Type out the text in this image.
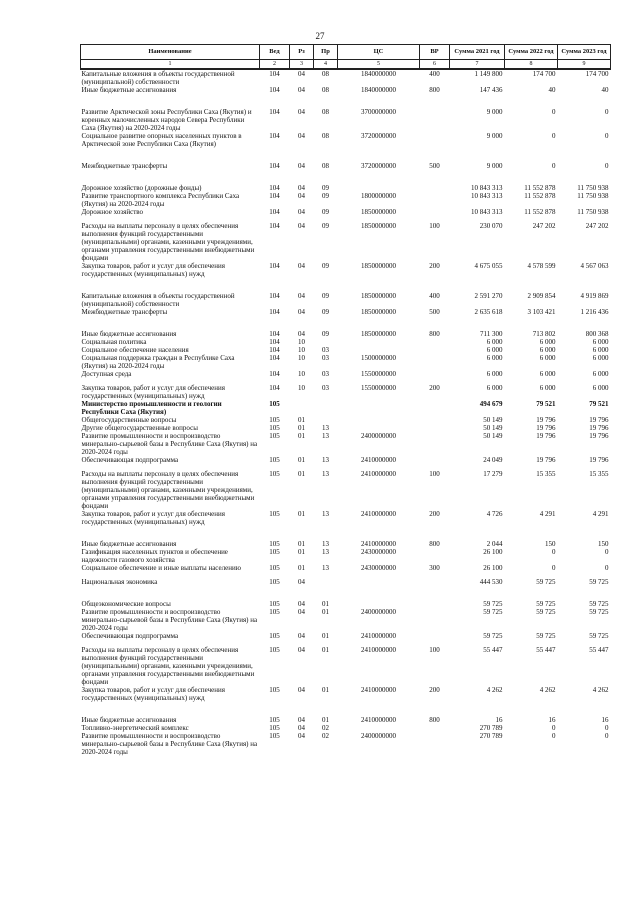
27
Наименование	Вед	Рз	Пр	ЦС	ВР	Сумма 2021 год	Сумма 2022 год	Сумма 2023 год
1	2	3	4	5	6	7	8	9
Капитальные вложения в объекты государственной (муниципальной) собственности	104	04	08	1840000000	400	1 149 800	174 700	174 700
Иные бюджетные ассигнования	104	04	08	1840000000	800	147 436	40	40
Развитие Арктической зоны Республики Саха (Якутия) и коренных малочисленных народов Севера Республики Саха (Якутия) на 2020-2024 годы	104	04	08	3700000000		9 000	0	0
Социальное развитие опорных населенных пунктов в Арктической зоне Республики Саха (Якутия)	104	04	08	3720000000		9 000	0	0
Межбюджетные трансферты	104	04	08	3720000000	500	9 000	0	0
Дорожное хозяйство (дорожные фонды)	104	04	09			10 843 313	11 552 878	11 750 938
Развитие транспортного комплекса Республики Саха (Якутия) на 2020-2024 годы	104	04	09	1800000000		10 843 313	11 552 878	11 750 938
Дорожное хозяйство	104	04	09	1850000000		10 843 313	11 552 878	11 750 938
Расходы на выплаты персоналу в целях обеспечения выполнения функций государственными (муниципальными) органами, казенными учреждениями, органами управления государственными внебюджетными фондами	104	04	09	1850000000	100	230 070	247 202	247 202
Закупка товаров, работ и услуг для обеспечения государственных (муниципальных) нужд	104	04	09	1850000000	200	4 675 055	4 578 599	4 567 063
Капитальные вложения в объекты государственной (муниципальной) собственности	104	04	09	1850000000	400	2 591 270	2 909 854	4 919 869
Межбюджетные трансферты	104	04	09	1850000000	500	2 635 618	3 103 421	1 216 436
Иные бюджетные ассигнования	104	04	09	1850000000	800	711 300	713 802	800 368
Социальная политика	104	10				6 000	6 000	6 000
Социальное обеспечение населения	104	10	03			6 000	6 000	6 000
Социальная поддержка граждан в Республике Саха (Якутия) на 2020-2024 годы	104	10	03	1500000000		6 000	6 000	6 000
Доступная среда	104	10	03	1550000000		6 000	6 000	6 000
Закупка товаров, работ и услуг для обеспечения государственных (муниципальных) нужд	104	10	03	1550000000	200	6 000	6 000	6 000
Министерство промышленности и геологии Республики Саха (Якутия)	105					494 679	79 521	79 521
Общегосударственные вопросы	105	01				50 149	19 796	19 796
Другие общегосударственные вопросы	105	01	13			50 149	19 796	19 796
Развитие промышленности и воспроизводство минерально-сырьевой базы в Республике Саха (Якутия) на 2020-2024 годы	105	01	13	2400000000		50 149	19 796	19 796
Обеспечивающая подпрограмма	105	01	13	2410000000		24 049	19 796	19 796
Расходы на выплаты персоналу в целях обеспечения выполнения функций государственными (муниципальными) органами, казенными учреждениями, органами управления государственными внебюджетными фондами	105	01	13	2410000000	100	17 279	15 355	15 355
Закупка товаров, работ и услуг для обеспечения государственных (муниципальных) нужд	105	01	13	2410000000	200	4 726	4 291	4 291
Иные бюджетные ассигнования	105	01	13	2410000000	800	2 044	150	150
Газификация населенных пунктов и обеспечение надежности газового хозяйства	105	01	13	2430000000		26 100	0	0
Социальное обеспечение и иные выплаты населению	105	01	13	2430000000	300	26 100	0	0
Национальная экономика	105	04				444 530	59 725	59 725
Общеэкономические вопросы	105	04	01			59 725	59 725	59 725
Развитие промышленности и воспроизводство минерально-сырьевой базы в Республике Саха (Якутия) на 2020-2024 годы	105	04	01	2400000000		59 725	59 725	59 725
Обеспечивающая подпрограмма	105	04	01	2410000000		59 725	59 725	59 725
Расходы на выплаты персоналу в целях обеспечения выполнения функций государственными (муниципальными) органами, казенными учреждениями, органами управления государственными внебюджетными фондами	105	04	01	2410000000	100	55 447	55 447	55 447
Закупка товаров, работ и услуг для обеспечения государственных (муниципальных) нужд	105	04	01	2410000000	200	4 262	4 262	4 262
Иные бюджетные ассигнования	105	04	01	2410000000	800	16	16	16
Топливно-энергетический комплекс	105	04	02			270 789	0	0
Развитие промышленности и воспроизводство минерально-сырьевой базы в Республике Саха (Якутия) на 2020-2024 годы	105	04	02	2400000000		270 789	0	0
